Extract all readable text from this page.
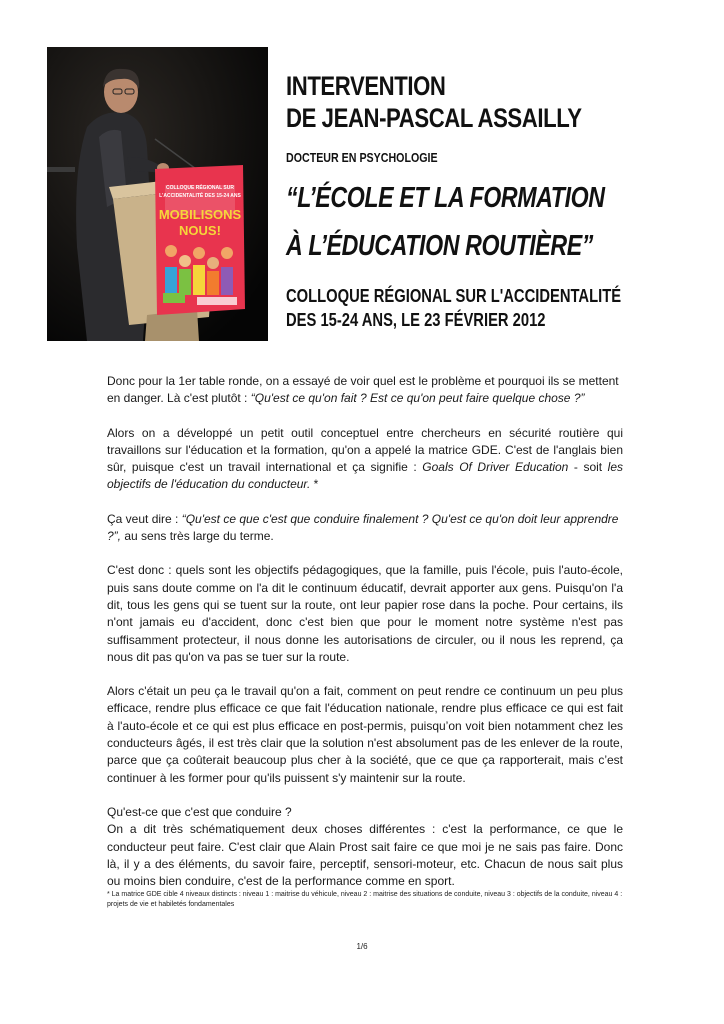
COLLOQUE RÉGIONAL SUR
L'ACCIDENTALITÉ DES 15-24 ANS
MOBILISONS
NOUS!
INTERVENTION
DE JEAN-PASCAL ASSAILLY
DOCTEUR EN PSYCHOLOGIE
“L’ÉCOLE ET LA FORMATION
À L’ÉDUCATION ROUTIÈRE”
COLLOQUE RÉGIONAL SUR L'ACCIDENTALITÉ
DES 15-24 ANS, LE 23 FÉVRIER 2012

Donc pour la 1er table ronde, on a essayé de voir quel est le problème et pourquoi ils se mettent en danger. Là c'est plutôt : “Qu'est ce qu'on fait ? Est ce qu'on peut faire quelque chose ?”

Alors on a développé un petit outil conceptuel entre chercheurs en sécurité routière qui travaillons sur l'éducation et la formation, qu'on a appelé la matrice GDE. C'est de l'anglais bien sûr, puisque c'est un travail international et ça signifie : Goals Of Driver Education - soit les objectifs de l'éducation du conducteur. *

Ça veut dire : “Qu'est ce que c'est que conduire finalement ? Qu'est ce qu'on doit leur apprendre ?”, au sens très large du terme.

C'est donc : quels sont les objectifs pédagogiques, que la famille, puis l'école, puis l'auto-école, puis sans doute comme on l'a dit le continuum éducatif, devrait apporter aux gens. Puisqu'on l'a dit, tous les gens qui se tuent sur la route, ont leur papier rose dans la poche. Pour certains, ils n'ont jamais eu d'accident, donc c'est bien que pour le moment notre système n'est pas suffisamment protecteur, il nous donne les autorisations de circuler, ou il nous les reprend, ça nous dit pas qu'on va pas se tuer sur la route.

Alors c'était un peu ça le travail qu'on a fait, comment on peut rendre ce continuum un peu plus efficace, rendre plus efficace ce que fait l'éducation nationale, rendre plus efficace ce qui est fait à l'auto-école et ce qui est plus efficace en post-permis, puisqu’on voit bien notamment chez les conducteurs âgés, il est très clair que la solution n'est absolument pas de les enlever de la route, parce que ça coûterait beaucoup plus cher à la société, que ce que ça rapporterait, mais c’est continuer à les former pour qu'ils puissent s'y maintenir sur la route.

Qu'est-ce que c'est que conduire ?

On a dit très schématiquement deux choses différentes : c'est la performance, ce que le conducteur peut faire. C'est clair que Alain Prost sait faire ce que moi je ne sais pas faire. Donc là, il y a des éléments, du savoir faire, perceptif, sensori-moteur, etc. Chacun de nous sait plus ou moins bien conduire, c'est de la performance comme en sport.

* La matrice GDE cible 4 niveaux distincts : niveau 1 : maitrise du véhicule, niveau 2 : maitrise des situations de conduite, niveau 3 : objectifs de la conduite, niveau 4 : projets de vie et habiletés fondamentales
1/6
